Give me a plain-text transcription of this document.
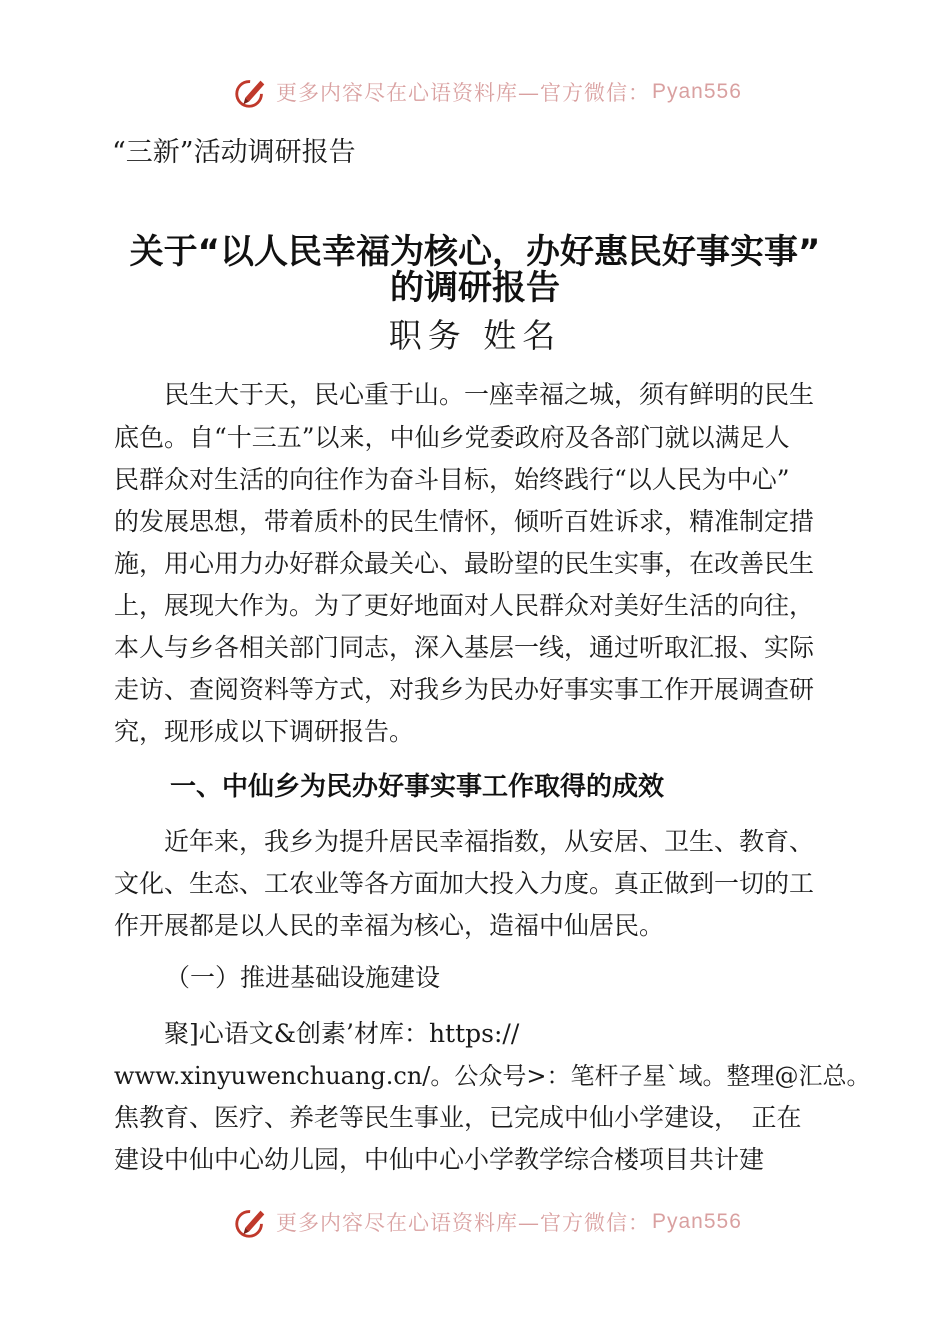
更多内容尽在心语资料库—官方微信： Pyan556
“三新”活动调研报告
关于“以人民幸福为核心，办好惠民好事实事”
的调研报告
职务 姓名
　　民生大于天，民心重于山。一座幸福之城，须有鲜明的民生
底色。自“十三五”以来，中仙乡党委政府及各部门就以满足人
民群众对生活的向往作为奋斗目标，始终践行“以人民为中心”
的发展思想，带着质朴的民生情怀，倾听百姓诉求，精准制定措
施，用心用力办好群众最关心、最盼望的民生实事，在改善民生
上，展现大作为。为了更好地面对人民群众对美好生活的向往，
本人与乡各相关部门同志，深入基层一线，通过听取汇报、实际
走访、查阅资料等方式，对我乡为民办好事实事工作开展调查研
究，现形成以下调研报告。
一、中仙乡为民办好事实事工作取得的成效
　　近年来，我乡为提升居民幸福指数，从安居、卫生、教育、
文化、生态、工农业等各方面加大投入力度。真正做到一切的工
作开展都是以人民的幸福为核心，造福中仙居民。
（一）推进基础设施建设
　　聚]心语文&创素’材库：https://
www.xinyuwenchuang.cn/。公众号>：笔杆子星`域。整理@汇总。
焦教育、医疗、养老等民生事业，已完成中仙小学建设，　正在
建设中仙中心幼儿园，中仙中心小学教学综合楼项目共计建
更多内容尽在心语资料库—官方微信： Pyan556
